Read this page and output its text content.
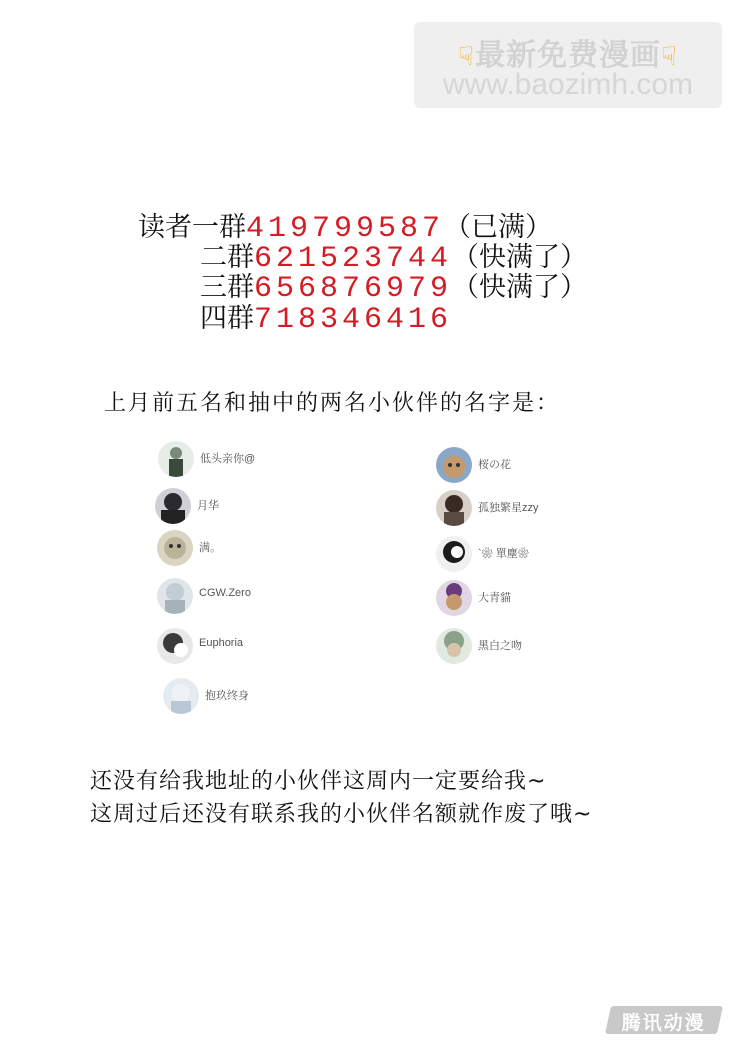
☟最新免费漫画☟
www.baozimh.com
读者一群419799587（已满）
二群621523744（快满了）
三群656876979（快满了）
四群718346416
上月前五名和抽中的两名小伙伴的名字是：
低头亲你@
月华
满。
CGW.Zero
Euphoria
抱玖终身
桜の花
孤独繁星zzy
`❀ 單塵❀
大青貓
黑白之吻
还没有给我地址的小伙伴这周内一定要给我~
这周过后还没有联系我的小伙伴名额就作废了哦~
腾讯动漫
